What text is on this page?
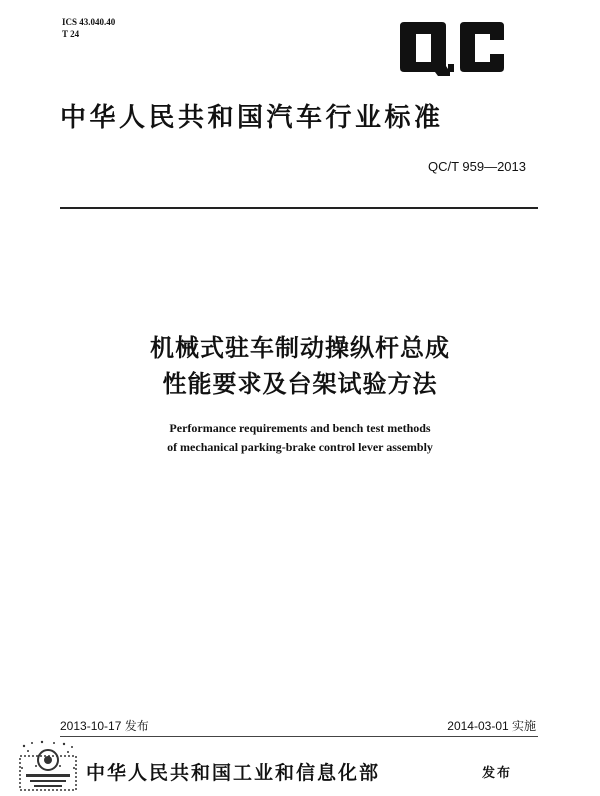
ICS 43.040.40
T 24
中华人民共和国汽车行业标准
QC/T 959—2013
机械式驻车制动操纵杆总成
性能要求及台架试验方法
Performance requirements and bench test methods
of mechanical parking-brake control lever assembly
2013-10-17 发布	2014-03-01 实施
中华人民共和国工业和信息化部	发布
